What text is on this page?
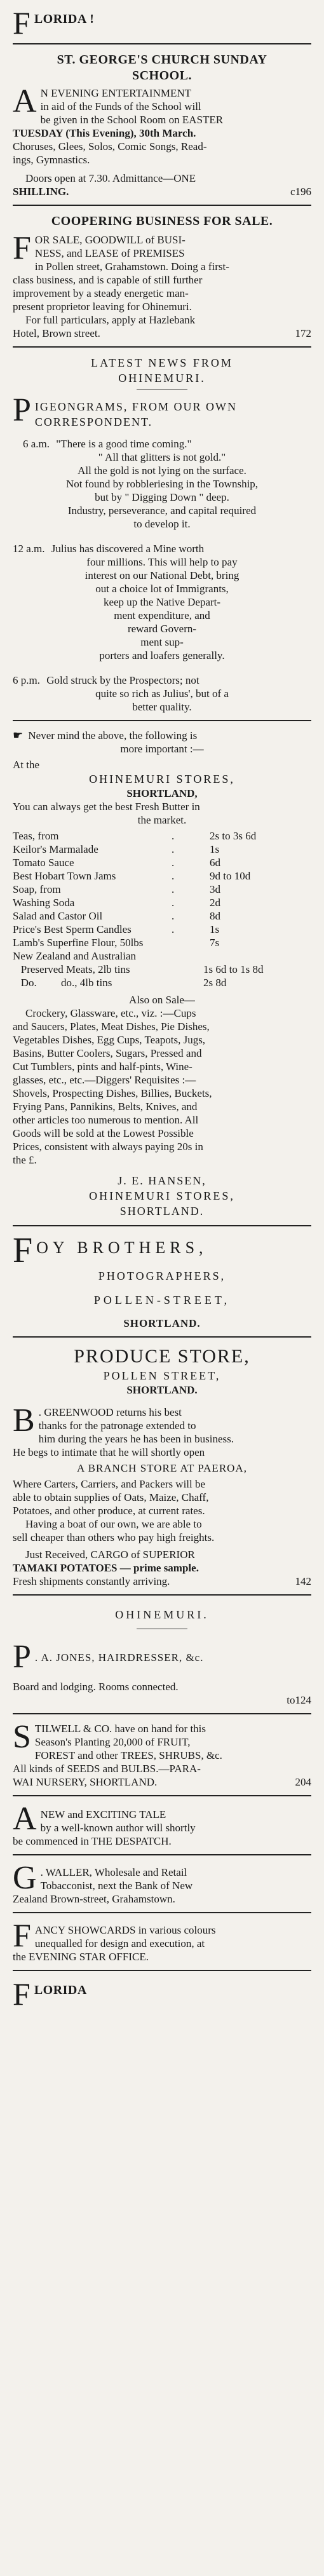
F LORIDA !

ST. GEORGE'S CHURCH SUNDAY

SCHOOL.

A N EVENING ENTERTAINMENT

in aid of the Funds of the School will

be given in the School Room on EASTER

TUESDAY (This Evening), 30th March.

Choruses, Glees, Solos, Comic Songs, Read-

ings, Gymnastics.

Doors open at 7.30. Admittance—ONE

SHILLING.	c196

COOPERING BUSINESS FOR SALE.

F OR SALE, GOODWILL of BUSI-

NESS, and LEASE of PREMISES

in Pollen street, Grahamstown. Doing a first-

class business, and is capable of still further

improvement by a steady energetic man-

present proprietor leaving for Ohinemuri.

For full particulars, apply at Hazlebank

Hotel, Brown street.	172

LATEST NEWS FROM

OHINEMURI.

P IGEONGRAMS, FROM OUR OWN

CORRESPONDENT.

6 a.m. "There is a good time coming."

" All that glitters is not gold."

All the gold is not lying on the surface.

Not found by robbleriesing in the Township,

but by " Digging Down " deep.

Industry, perseverance, and capital required

to develop it.

12 a.m. Julius has discovered a Mine worth

four millions. This will help to pay

interest on our National Debt, bring

out a choice lot of Immigrants,

keep up the Native Depart-

ment expenditure, and

reward Govern-

ment sup-

porters and loafers generally.

6 p.m. Gold struck by the Prospectors; not

quite so rich as Julius', but of a

better quality.

☛ Never mind the above, the following is

more important :—

At the

OHINEMURI STORES,

SHORTLAND,

You can always get the best Fresh Butter in

the market.

Teas, from	.	2s to 3s 6d
Keilor's Marmalade	.	1s
Tomato Sauce	.	6d
Best Hobart Town Jams	.	9d to 10d
Soap, from	.	3d
Washing Soda	.	2d
Salad and Castor Oil	.	8d
Price's Best Sperm Candles	.	1s
Lamb's Superfine Flour, 50lbs	7s
New Zealand and Australian
Preserved Meats, 2lb tins	1s 6d to 1s 8d
Do.         do., 4lb tins	2s 8d

Also on Sale—

Crockery, Glassware, etc., viz. :—Cups

and Saucers, Plates, Meat Dishes, Pie Dishes,

Vegetables Dishes, Egg Cups, Teapots, Jugs,

Basins, Butter Coolers, Sugars, Pressed and

Cut Tumblers, pints and half-pints, Wine-

glasses, etc., etc.—Diggers' Requisites :—

Shovels, Prospecting Dishes, Billies, Buckets,

Frying Pans, Pannikins, Belts, Knives, and

other articles too numerous to mention. All

Goods will be sold at the Lowest Possible

Prices, consistent with always paying 20s in

the £.

J. E. HANSEN,

OHINEMURI STORES,

SHORTLAND.

F OY BROTHERS,

PHOTOGRAPHERS,

POLLEN-STREET,

SHORTLAND.

PRODUCE STORE,

POLLEN STREET,

SHORTLAND.

B . GREENWOOD returns his best

thanks for the patronage extended to

him during the years he has been in business.

He begs to intimate that he will shortly open

A BRANCH STORE AT PAEROA,

Where Carters, Carriers, and Packers will be

able to obtain supplies of Oats, Maize, Chaff,

Potatoes, and other produce, at current rates.

Having a boat of our own, we are able to

sell cheaper than others who pay high freights.

Just Received, CARGO of SUPERIOR

TAMAKI POTATOES — prime sample.

Fresh shipments constantly arriving.	142

OHINEMURI.

P . A. JONES, HAIRDRESSER, &c.
Board and lodging. Rooms connected.

to124

S TILWELL & CO. have on hand for this

Season's Planting 20,000 of FRUIT,

FOREST and other TREES, SHRUBS, &c.

All kinds of SEEDS and BULBS.—PARA-

WAI NURSERY, SHORTLAND.	204
A NEW and EXCITING TALE

by a well-known author will shortly

be commenced in THE DESPATCH.

G . WALLER, Wholesale and Retail

Tobacconist, next the Bank of New

Zealand Brown-street, Grahamstown.

F ANCY SHOWCARDS in various colours

unequalled for design and execution, at

the EVENING STAR OFFICE.

F LORIDA
